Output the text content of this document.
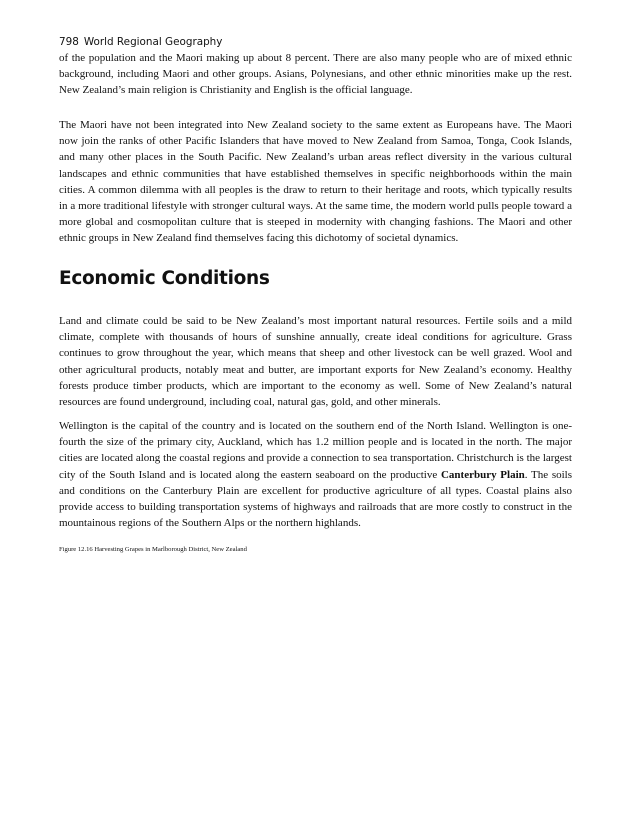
798 World Regional Geography

of the population and the Maori making up about 8 percent. There are also many people who are of mixed ethnic background, including Maori and other groups. Asians, Polynesians, and other ethnic minorities make up the rest. New Zealand’s main religion is Christianity and English is the official language.

The Maori have not been integrated into New Zealand society to the same extent as Europeans have. The Maori now join the ranks of other Pacific Islanders that have moved to New Zealand from Samoa, Tonga, Cook Islands, and many other places in the South Pacific. New Zealand’s urban areas reflect diversity in the various cultural landscapes and ethnic communities that have established themselves in specific neighborhoods within the main cities. A common dilemma with all peoples is the draw to return to their heritage and roots, which typically results in a more traditional lifestyle with stronger cultural ways. At the same time, the modern world pulls people toward a more global and cosmopolitan culture that is steeped in modernity with changing fashions. The Maori and other ethnic groups in New Zealand find themselves facing this dichotomy of societal dynamics.

Economic Conditions

Land and climate could be said to be New Zealand’s most important natural resources. Fertile soils and a mild climate, complete with thousands of hours of sunshine annually, create ideal conditions for agriculture. Grass continues to grow throughout the year, which means that sheep and other livestock can be well grazed. Wool and other agricultural products, notably meat and butter, are important exports for New Zealand’s economy. Healthy forests produce timber products, which are important to the economy as well. Some of New Zealand’s natural resources are found underground, including coal, natural gas, gold, and other minerals.

Wellington is the capital of the country and is located on the southern end of the North Island. Wellington is one-fourth the size of the primary city, Auckland, which has 1.2 million people and is located in the north. The major cities are located along the coastal regions and provide a connection to sea transportation. Christchurch is the largest city of the South Island and is located along the eastern seaboard on the productive Canterbury Plain. The soils and conditions on the Canterbury Plain are excellent for productive agriculture of all types. Coastal plains also provide access to building transportation systems of highways and railroads that are more costly to construct in the mountainous regions of the Southern Alps or the northern highlands.

Figure 12.16 Harvesting Grapes in Marlborough District, New Zealand
